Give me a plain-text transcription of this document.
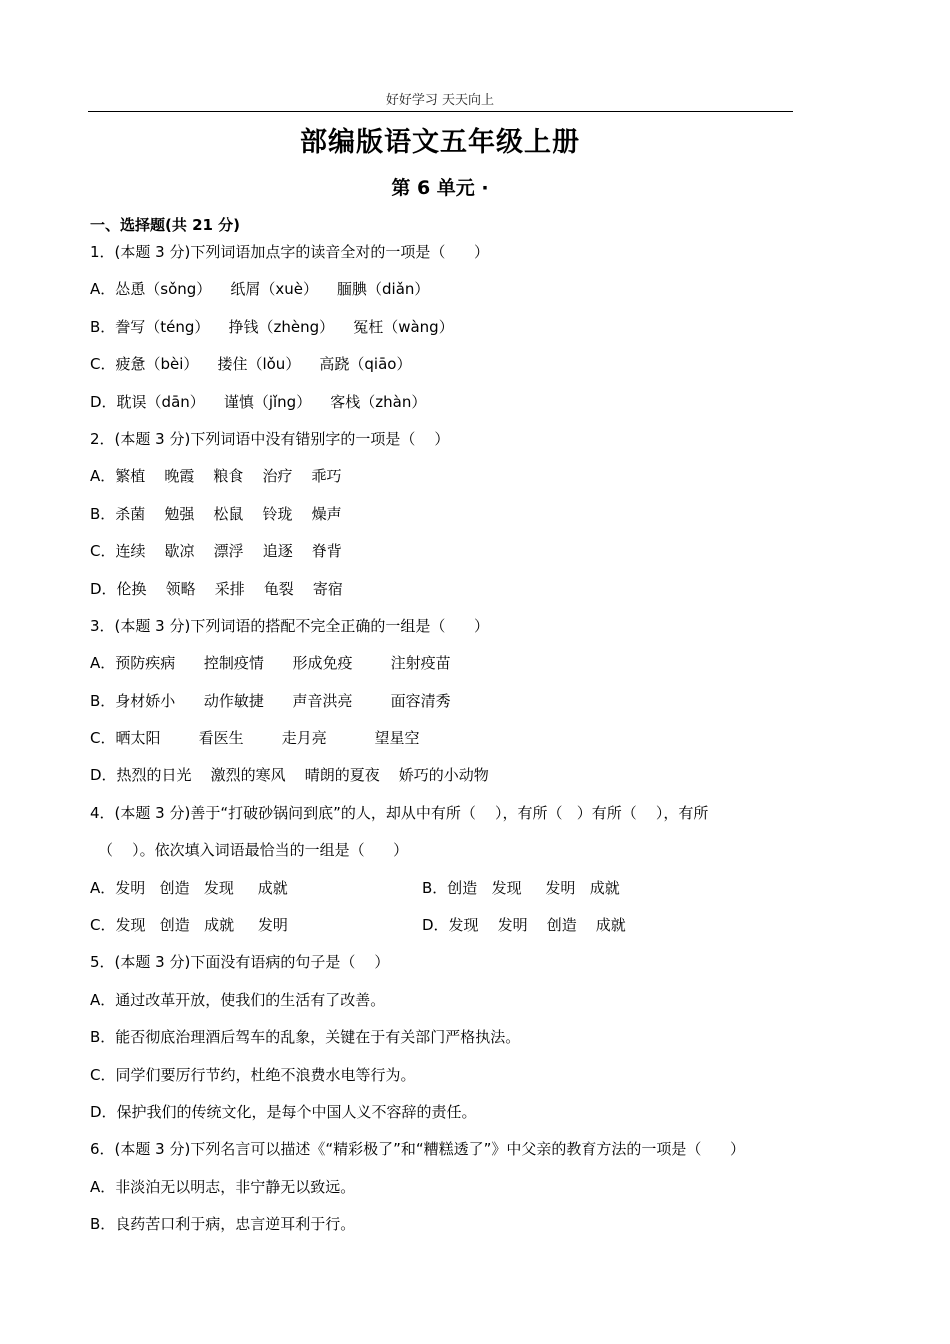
好好学习 天天向上
部编版语文五年级上册
第 6 单元 ·
一、选择题(共 21 分)
1．(本题 3 分)下列词语加点字的读音全对的一项是（      ）
A．怂恿（sǒng）    纸屑（xuè）    腼腆（diǎn）
B．誊写（téng）    挣钱（zhèng）    冤枉（wàng）
C．疲惫（bèi）    搂住（lǒu）    高跷（qiāo）
D．耽误（dān）    谨慎（jǐng）    客栈（zhàn）
2．(本题 3 分)下列词语中没有错别字的一项是（    ）
A．繁植    晚霞    粮食    治疗    乖巧
B．杀菌    勉强    松鼠    铃珑    燥声
C．连续    歇凉    漂浮    追逐    脊背
D．伦换    领略    采排    龟裂    寄宿
3．(本题 3 分)下列词语的搭配不完全正确的一组是（      ）
A．预防疾病      控制疫情      形成免疫        注射疫苗
B．身材娇小      动作敏捷      声音洪亮        面容清秀
C．晒太阳        看医生        走月亮          望星空
D．热烈的日光    激烈的寒风    晴朗的夏夜    娇巧的小动物
4．(本题 3 分)善于“打破砂锅问到底”的人，却从中有所（    ），有所（   ）有所（    ），有所
（    ）。依次填入词语最恰当的一组是（      ）
A．发明   创造   发现     成就	B．创造   发现     发明   成就
C．发现   创造   成就     发明	D．发现    发明    创造    成就
5．(本题 3 分)下面没有语病的句子是（    ）
A．通过改革开放，使我们的生活有了改善。
B．能否彻底治理酒后驾车的乱象，关键在于有关部门严格执法。
C．同学们要厉行节约，杜绝不浪费水电等行为。
D．保护我们的传统文化，是每个中国人义不容辞的责任。
6．(本题 3 分)下列名言可以描述《“精彩极了”和“糟糕透了”》中父亲的教育方法的一项是（      ）
A．非淡泊无以明志，非宁静无以致远。
B．良药苦口利于病，忠言逆耳利于行。
